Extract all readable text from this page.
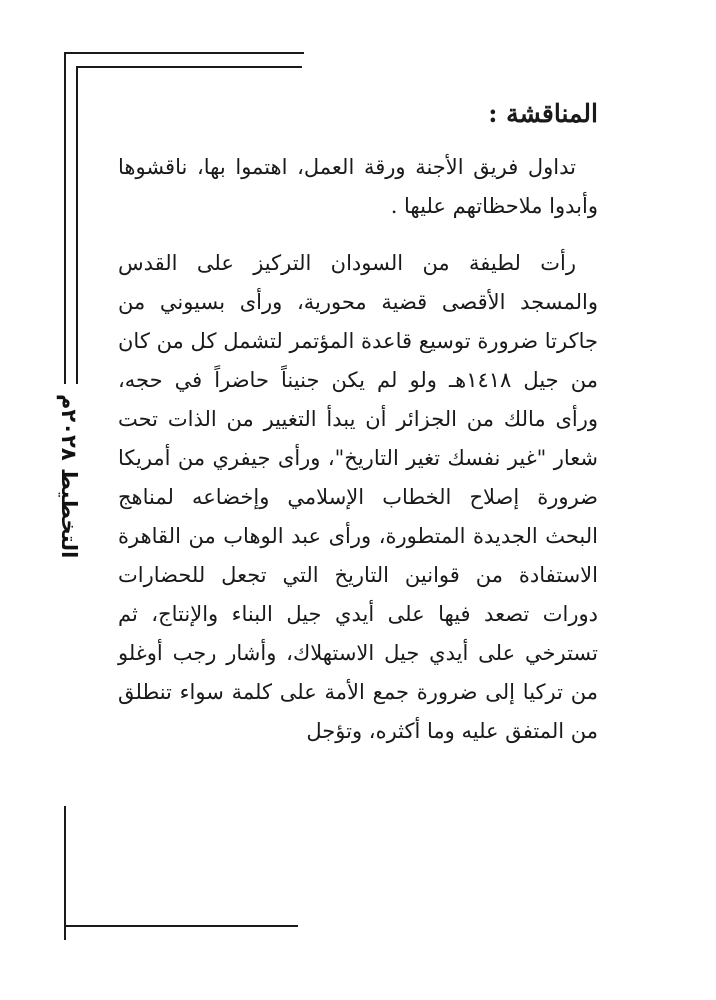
التخطيط ٢٠٢٨م
المناقشة :

تداول فريق الأجنة ورقة العمل، اهتموا بها، ناقشوها وأبدوا ملاحظاتهم عليها .

رأت لطيفة من السودان التركيز على القدس والمسجد الأقصى قضية محورية، ورأى بسيوني من جاكرتا ضرورة توسيع قاعدة المؤتمر لتشمل كل من كان من جيل ١٤١٨هـ ولو لم يكن جنيناً حاضراً في حجه، ورأى مالك من الجزائر أن يبدأ التغيير من الذات تحت شعار "غير نفسك تغير التاريخ"، ورأى جيفري من أمريكا ضرورة إصلاح الخطاب الإسلامي وإخضاعه لمناهج البحث الجديدة المتطورة، ورأى عبد الوهاب من القاهرة الاستفادة من قوانين التاريخ التي تجعل للحضارات دورات تصعد فيها على أيدي جيل البناء والإنتاج، ثم تسترخي على أيدي جيل الاستهلاك، وأشار رجب أوغلو من تركيا إلى ضرورة جمع الأمة على كلمة سواء تنطلق من المتفق عليه وما أكثره، وتؤجل
